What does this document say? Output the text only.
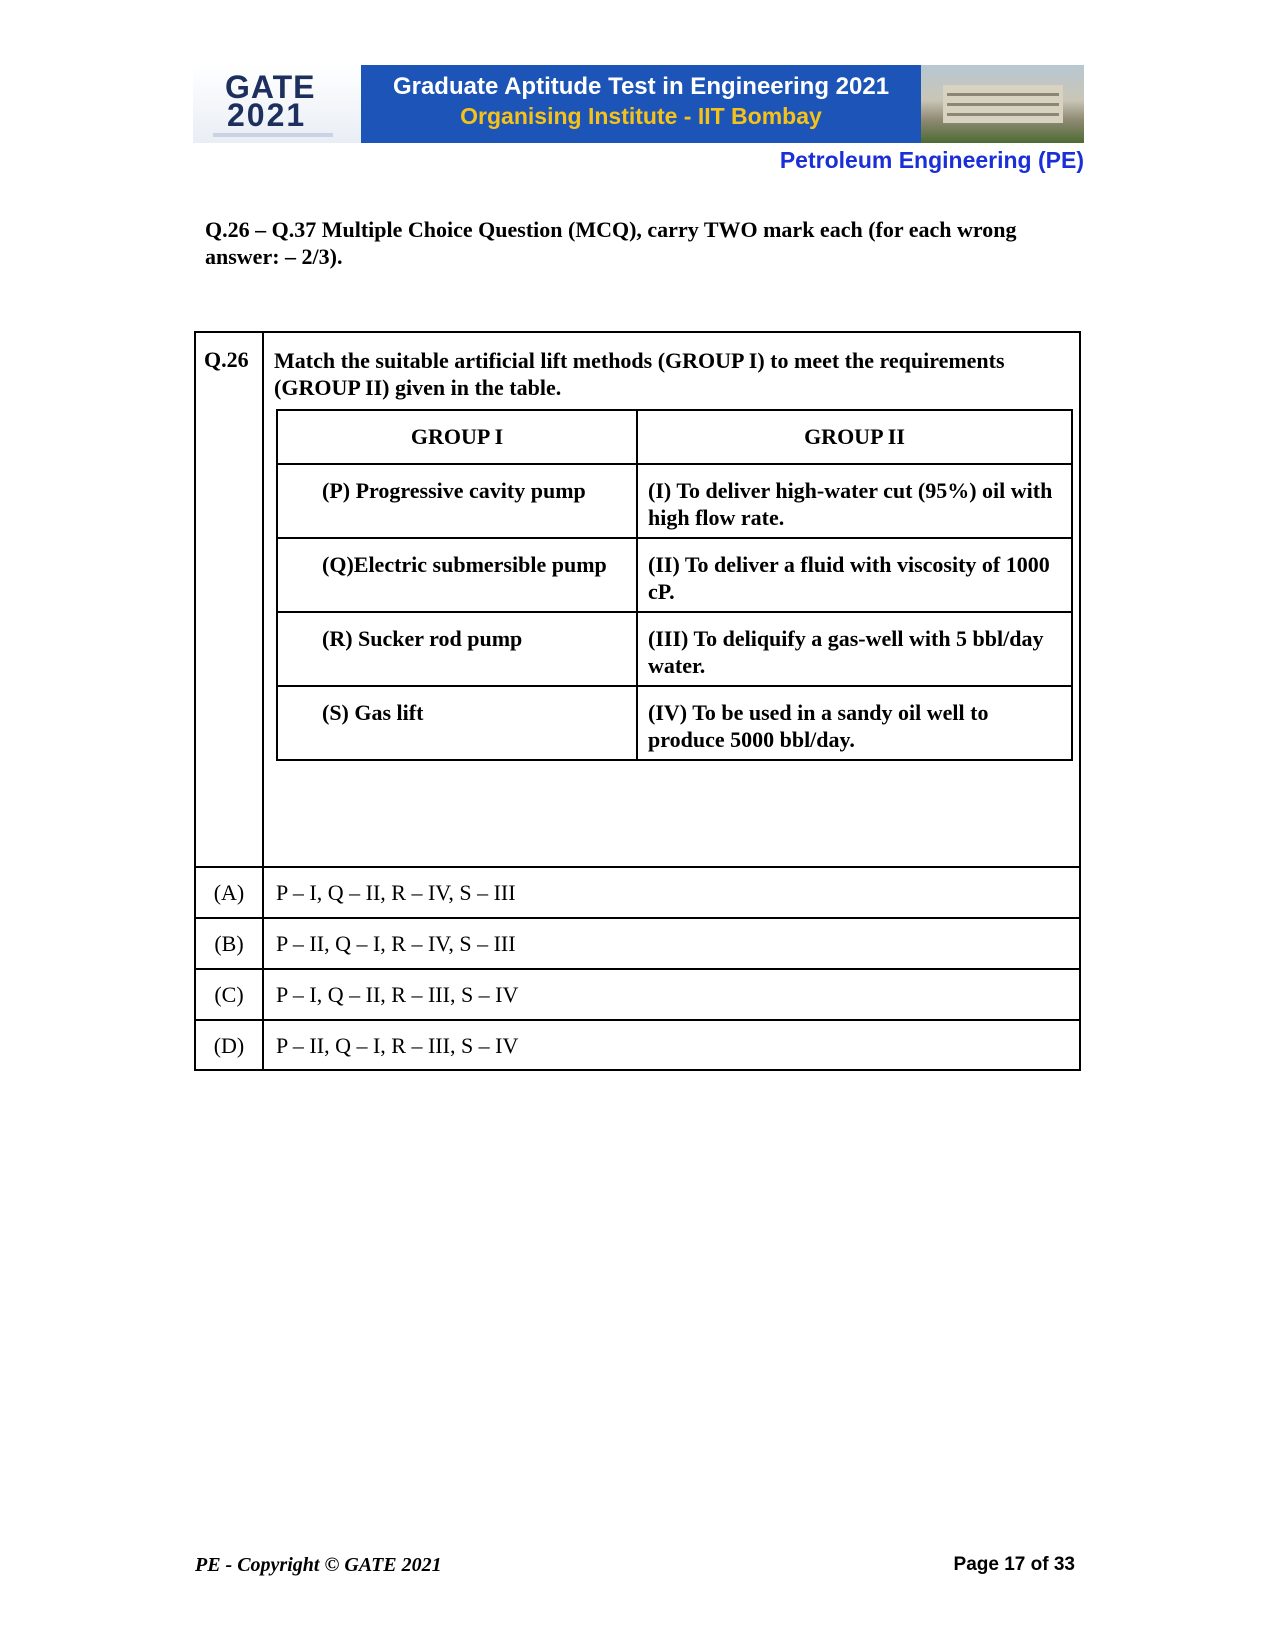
GATE
2021
Graduate Aptitude Test in Engineering 2021
Organising Institute - IIT Bombay
Petroleum Engineering (PE)
Q.26 – Q.37 Multiple Choice Question (MCQ), carry TWO mark each (for each wrong answer: – 2/3).
Q.26 Match the suitable artificial lift methods (GROUP I) to meet the requirements (GROUP II) given in the table.
GROUP I	GROUP II
(P) Progressive cavity pump	(I) To deliver high-water cut (95%) oil with high flow rate.

(Q)Electric submersible pump	(II) To deliver a fluid with viscosity of 1000 cP.
(R) Sucker rod pump	(III) To deliquify a gas-well with 5 bbl/day water.
(S) Gas lift	(IV) To be used in a sandy oil well to produce 5000 bbl/day.
(A)	P – I, Q – II, R – IV, S – III
(B)	P – II, Q – I, R – IV, S – III
(C)	P – I, Q – II, R – III, S – IV
(D)	P – II, Q – I, R – III, S – IV
PE - Copyright © GATE 2021	Page 17 of 33
